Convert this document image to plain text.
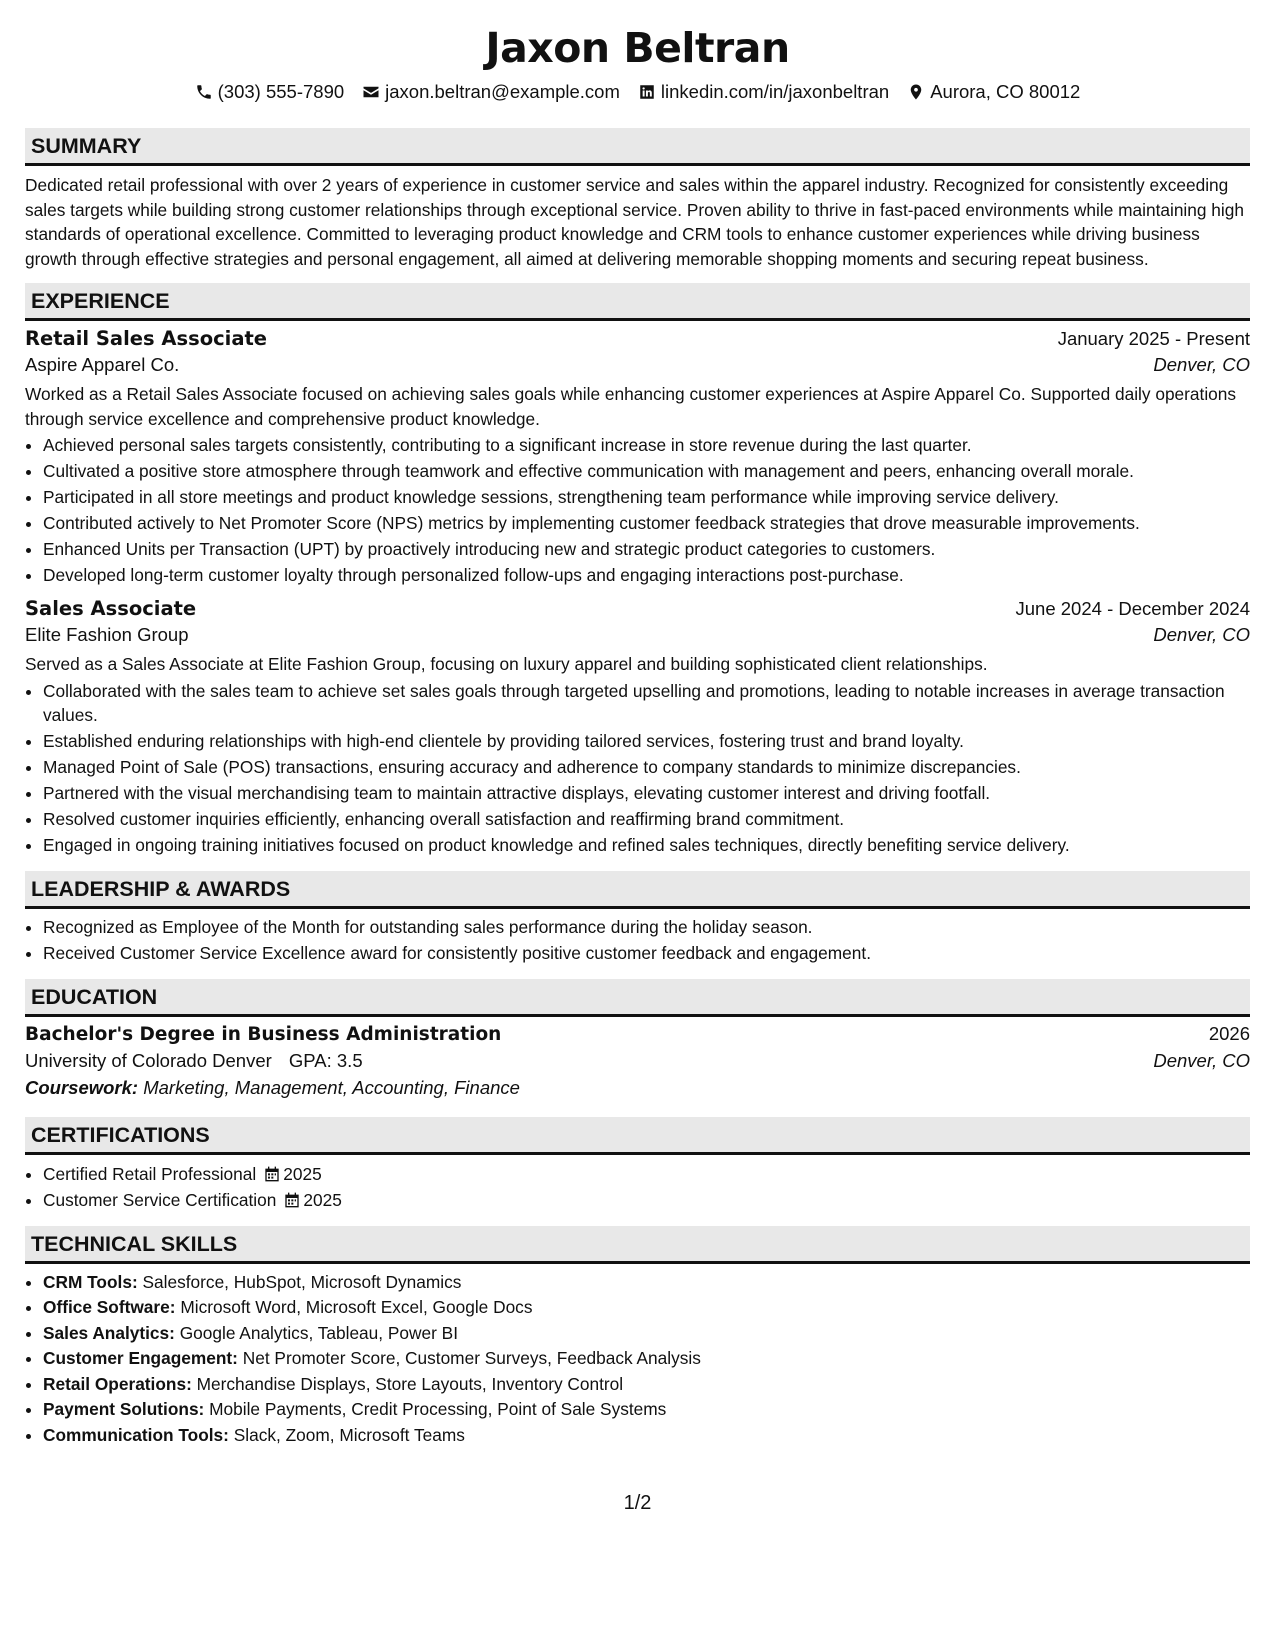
Jaxon Beltran
(303) 555-7890 jaxon.beltran@example.com linkedin.com/in/jaxonbeltran Aurora, CO 80012
SUMMARY

Dedicated retail professional with over 2 years of experience in customer service and sales within the apparel industry. Recognized for consistently exceeding sales targets while building strong customer relationships through exceptional service. Proven ability to thrive in fast-paced environments while maintaining high standards of operational excellence. Committed to leveraging product knowledge and CRM tools to enhance customer experiences while driving business growth through effective strategies and personal engagement, all aimed at delivering memorable shopping moments and securing repeat business.

EXPERIENCE
Retail Sales Associate	January 2025 - Present
Aspire Apparel Co.	Denver, CO

Worked as a Retail Sales Associate focused on achieving sales goals while enhancing customer experiences at Aspire Apparel Co. Supported daily operations through service excellence and comprehensive product knowledge.

• Achieved personal sales targets consistently, contributing to a significant increase in store revenue during the last quarter.
• Cultivated a positive store atmosphere through teamwork and effective communication with management and peers, enhancing overall morale.
• Participated in all store meetings and product knowledge sessions, strengthening team performance while improving service delivery.
• Contributed actively to Net Promoter Score (NPS) metrics by implementing customer feedback strategies that drove measurable improvements.
• Enhanced Units per Transaction (UPT) by proactively introducing new and strategic product categories to customers.
• Developed long-term customer loyalty through personalized follow-ups and engaging interactions post-purchase.
Sales Associate	June 2024 - December 2024
Elite Fashion Group	Denver, CO

Served as a Sales Associate at Elite Fashion Group, focusing on luxury apparel and building sophisticated client relationships.

• Collaborated with the sales team to achieve set sales goals through targeted upselling and promotions, leading to notable increases in average transaction values.
• Established enduring relationships with high-end clientele by providing tailored services, fostering trust and brand loyalty.
• Managed Point of Sale (POS) transactions, ensuring accuracy and adherence to company standards to minimize discrepancies.
• Partnered with the visual merchandising team to maintain attractive displays, elevating customer interest and driving footfall.
• Resolved customer inquiries efficiently, enhancing overall satisfaction and reaffirming brand commitment.
• Engaged in ongoing training initiatives focused on product knowledge and refined sales techniques, directly benefiting service delivery.
LEADERSHIP & AWARDS
• Recognized as Employee of the Month for outstanding sales performance during the holiday season.
• Received Customer Service Excellence award for consistently positive customer feedback and engagement.
EDUCATION
Bachelor's Degree in Business Administration	2026
University of Colorado Denver GPA: 3.5	Denver, CO
Coursework: Marketing, Management, Accounting, Finance
CERTIFICATIONS
• Certified Retail Professional 2025
• Customer Service Certification 2025
TECHNICAL SKILLS
• CRM Tools: Salesforce, HubSpot, Microsoft Dynamics
• Office Software: Microsoft Word, Microsoft Excel, Google Docs
• Sales Analytics: Google Analytics, Tableau, Power BI
• Customer Engagement: Net Promoter Score, Customer Surveys, Feedback Analysis
• Retail Operations: Merchandise Displays, Store Layouts, Inventory Control
• Payment Solutions: Mobile Payments, Credit Processing, Point of Sale Systems
• Communication Tools: Slack, Zoom, Microsoft Teams
1/2
